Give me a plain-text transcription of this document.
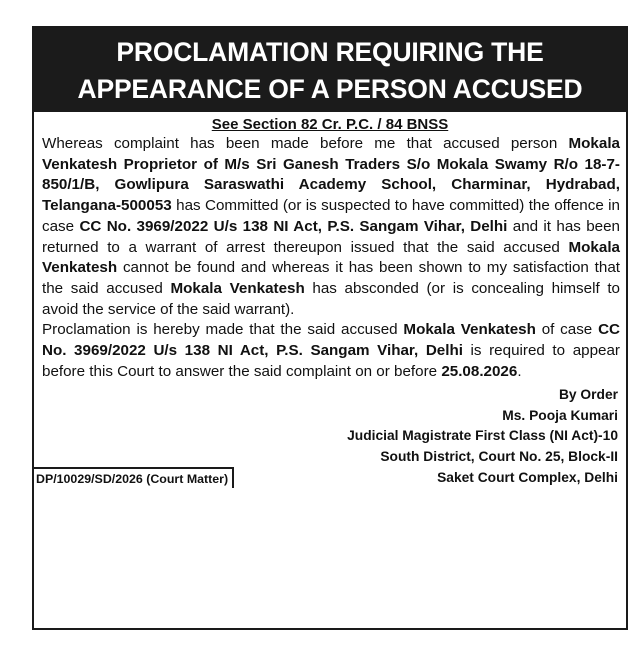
PROCLAMATION REQUIRING THE
APPEARANCE OF A PERSON ACCUSED
See Section 82 Cr. P.C. / 84 BNSS

Whereas complaint has been made before me that accused person Mokala Venkatesh Proprietor of M/s Sri Ganesh Traders S/o Mokala Swamy R/o 18-7-850/1/B, Gowlipura Saraswathi Academy School, Charminar, Hydrabad, Telangana-500053 has Committed (or is suspected to have committed) the offence in case CC No. 3969/2022 U/s 138 NI Act, P.S. Sangam Vihar, Delhi and it has been returned to a warrant of arrest thereupon issued that the said accused Mokala Venkatesh cannot be found and whereas it has been shown to my satisfaction that the said accused Mokala Venkatesh has absconded (or is concealing himself to avoid the service of the said warrant).

Proclamation is hereby made that the said accused Mokala Venkatesh of case CC No. 3969/2022 U/s 138 NI Act, P.S. Sangam Vihar, Delhi is required to appear before this Court to answer the said complaint on or before 25.08.2026.

By Order
Ms. Pooja Kumari
Judicial Magistrate First Class (NI Act)-10
South District, Court No. 25, Block-II
DP/10029/SD/2026 (Court Matter)	Saket Court Complex, Delhi
